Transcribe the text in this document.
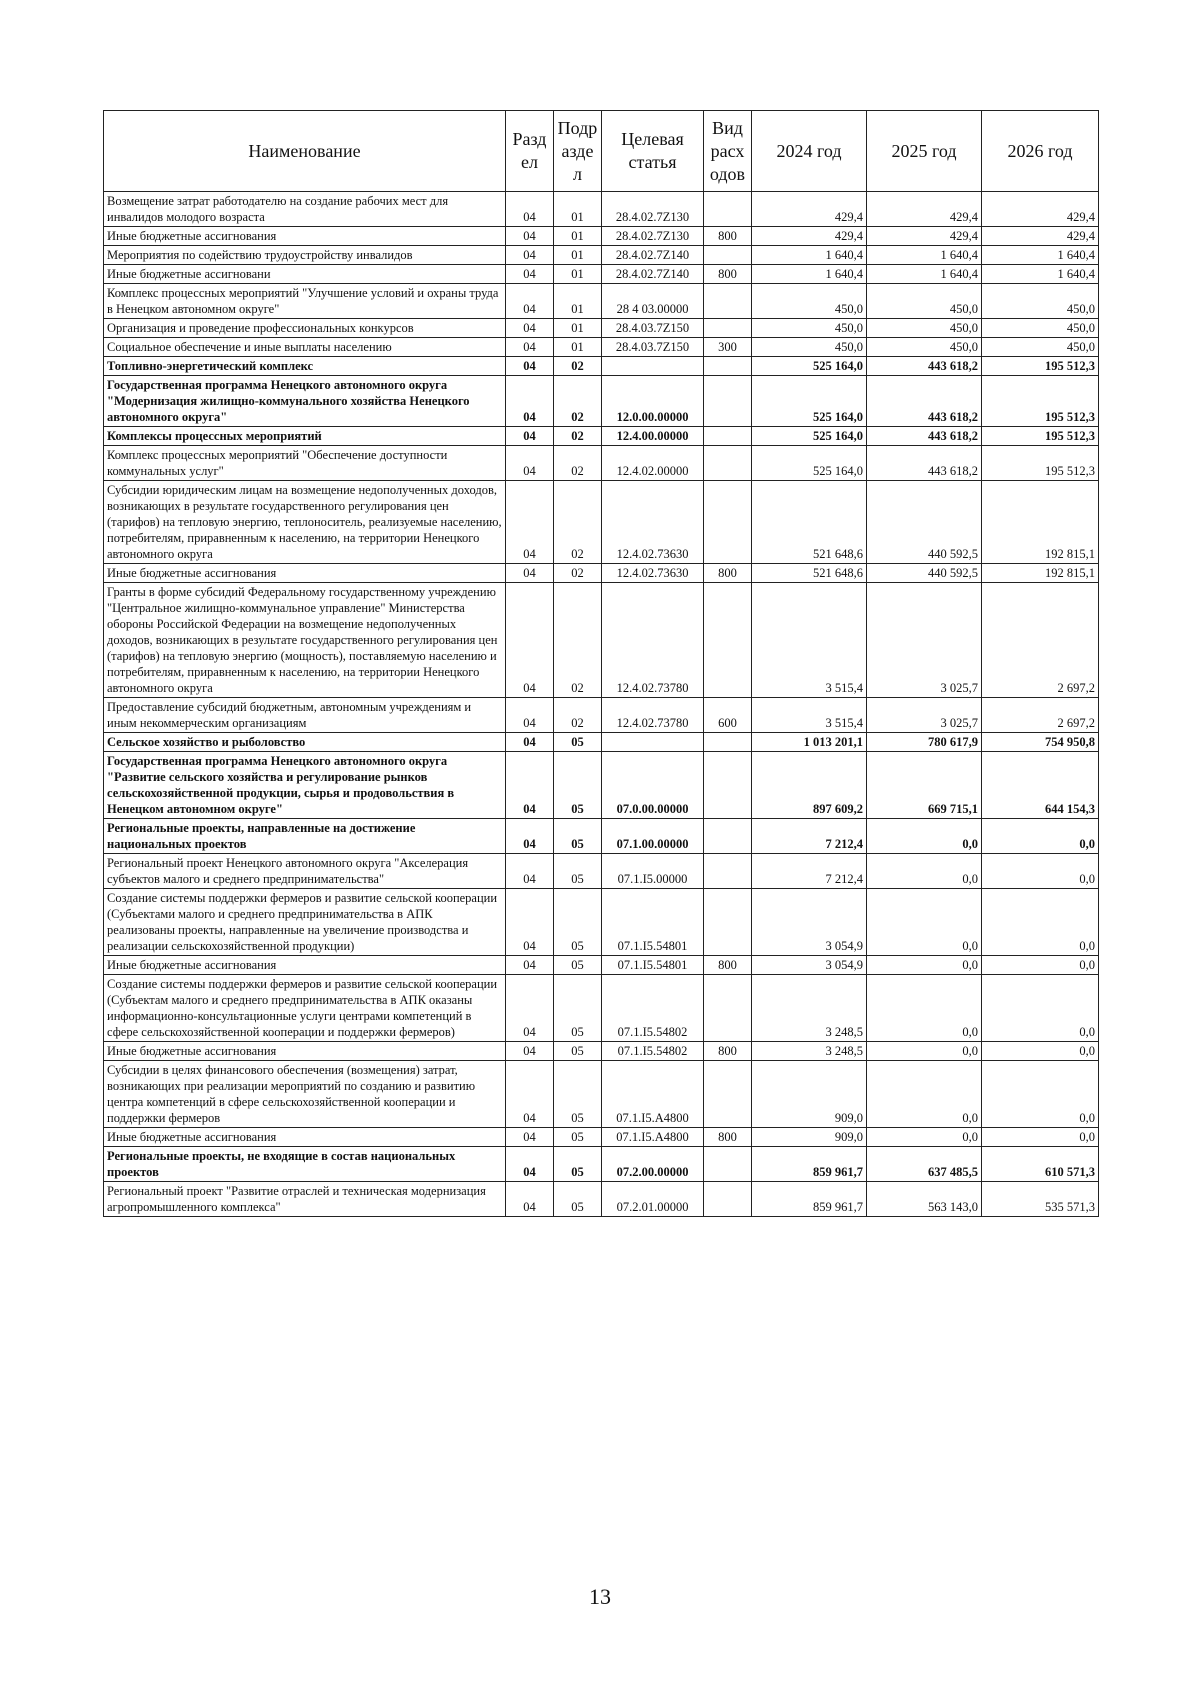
Наименование	Разд ел	Подр азде л	Целевая статья	Вид расх одов	2024 год	2025 год	2026 год
Возмещение затрат работодателю на создание рабочих мест для инвалидов молодого возраста	04	01	28.4.02.7Z130		429,4	429,4	429,4
Иные бюджетные ассигнования	04	01	28.4.02.7Z130	800	429,4	429,4	429,4
Мероприятия по содействию трудоустройству инвалидов	04	01	28.4.02.7Z140		1 640,4	1 640,4	1 640,4
Иные бюджетные ассигновани	04	01	28.4.02.7Z140	800	1 640,4	1 640,4	1 640,4
Комплекс процессных мероприятий "Улучшение условий и охраны труда в Ненецком автономном округе"	04	01	28 4 03.00000		450,0	450,0	450,0
Организация и проведение профессиональных конкурсов	04	01	28.4.03.7Z150		450,0	450,0	450,0
Социальное обеспечение и иные выплаты населению	04	01	28.4.03.7Z150	300	450,0	450,0	450,0
Топливно-энергетический комплекс	04	02			525 164,0	443 618,2	195 512,3
Государственная программа Ненецкого автономного округа "Модернизация жилищно-коммунального хозяйства Ненецкого автономного округа"	04	02	12.0.00.00000		525 164,0	443 618,2	195 512,3
Комплексы процессных мероприятий	04	02	12.4.00.00000		525 164,0	443 618,2	195 512,3
Комплекс процессных мероприятий "Обеспечение доступности коммунальных услуг"	04	02	12.4.02.00000		525 164,0	443 618,2	195 512,3
Субсидии юридическим лицам на возмещение недополученных доходов, возникающих в результате государственного регулирования цен (тарифов) на тепловую энергию, теплоноситель, реализуемые населению, потребителям, приравненным к населению, на территории Ненецкого автономного округа	04	02	12.4.02.73630		521 648,6	440 592,5	192 815,1
Иные бюджетные ассигнования	04	02	12.4.02.73630	800	521 648,6	440 592,5	192 815,1
Гранты в форме субсидий Федеральному государственному учреждению "Центральное жилищно-коммунальное управление" Министерства обороны Российской Федерации на возмещение недополученных доходов, возникающих в результате государственного регулирования цен (тарифов) на тепловую энергию (мощность), поставляемую населению и потребителям, приравненным к населению, на территории Ненецкого автономного округа	04	02	12.4.02.73780		3 515,4	3 025,7	2 697,2
Предоставление субсидий бюджетным, автономным учреждениям и иным некоммерческим организациям	04	02	12.4.02.73780	600	3 515,4	3 025,7	2 697,2
Сельское хозяйство и рыболовство	04	05			1 013 201,1	780 617,9	754 950,8
Государственная программа Ненецкого автономного округа "Развитие сельского хозяйства и регулирование рынков сельскохозяйственной продукции, сырья и продовольствия в Ненецком автономном округе"	04	05	07.0.00.00000		897 609,2	669 715,1	644 154,3
Региональные проекты, направленные на достижение национальных проектов	04	05	07.1.00.00000		7 212,4	0,0	0,0
Региональный проект Ненецкого автономного округа "Акселерация субъектов малого и среднего предпринимательства"	04	05	07.1.I5.00000		7 212,4	0,0	0,0
Создание системы поддержки фермеров и развитие сельской кооперации (Субъектами малого и среднего предпринимательства в АПК реализованы проекты, направленные на увеличение производства и реализации сельскохозяйственной продукции)	04	05	07.1.I5.54801		3 054,9	0,0	0,0
Иные бюджетные ассигнования	04	05	07.1.I5.54801	800	3 054,9	0,0	0,0
Создание системы поддержки фермеров и развитие сельской кооперации (Субъектам малого и среднего предпринимательства в АПК оказаны информационно-консультационные услуги центрами компетенций в сфере сельскохозяйственной кооперации и поддержки фермеров)	04	05	07.1.I5.54802		3 248,5	0,0	0,0
Иные бюджетные ассигнования	04	05	07.1.I5.54802	800	3 248,5	0,0	0,0
Субсидии в целях финансового обеспечения (возмещения) затрат, возникающих при реализации мероприятий по созданию и развитию центра компетенций в сфере сельскохозяйственной кооперации и поддержки фермеров	04	05	07.1.I5.A4800		909,0	0,0	0,0
Иные бюджетные ассигнования	04	05	07.1.I5.A4800	800	909,0	0,0	0,0
Региональные проекты, не входящие в состав национальных проектов	04	05	07.2.00.00000		859 961,7	637 485,5	610 571,3
Региональный проект "Развитие отраслей и техническая модернизация агропромышленного комплекса"	04	05	07.2.01.00000		859 961,7	563 143,0	535 571,3
13
